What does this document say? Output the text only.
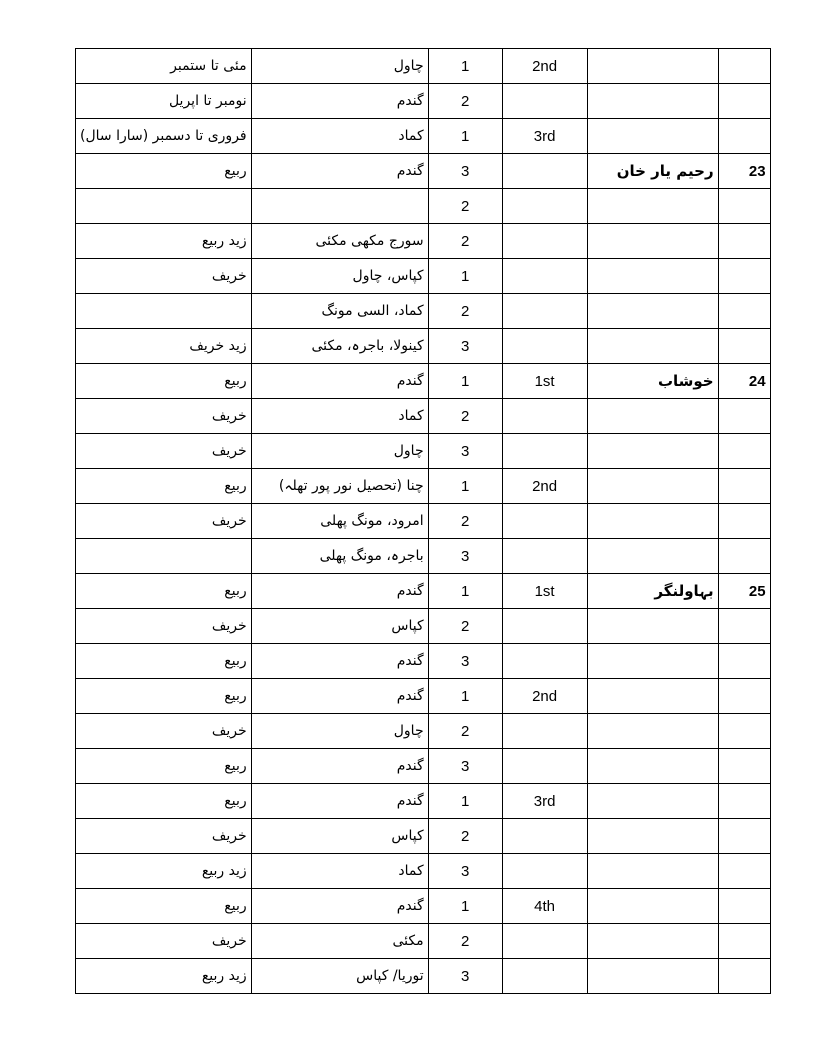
مئی تا ستمبر	چاول	1	2nd		
نومبر تا اپریل	گندم	2			
فروری تا دسمبر (سارا سال)	کماد	1	3rd		
ربیع	گندم	3		رحیم یار خان	23
		2			
زید ربیع	سورج مکھی مکئی	2			
خریف	کپاس، چاول	1			
	کماد، السی مونگ	2			
زید خریف	کینولا، باجرہ، مکئی	3			
ربیع	گندم	1	1st	خوشاب	24
خریف	کماد	2			
خریف	چاول	3			
ربیع	چنا (تحصیل نور پور تھلہ)	1	2nd		
خریف	امرود، مونگ پھلی	2			
	باجرہ، مونگ پھلی	3			
ربیع	گندم	1	1st	بہاولنگر	25
خریف	کپاس	2			
ربیع	گندم	3			
ربیع	گندم	1	2nd		
خریف	چاول	2			
ربیع	گندم	3			
ربیع	گندم	1	3rd		
خریف	کپاس	2			
زید ربیع	کماد	3			
ربیع	گندم	1	4th		
خریف	مکئی	2			
زید ربیع	توریا/ کپاس	3			
